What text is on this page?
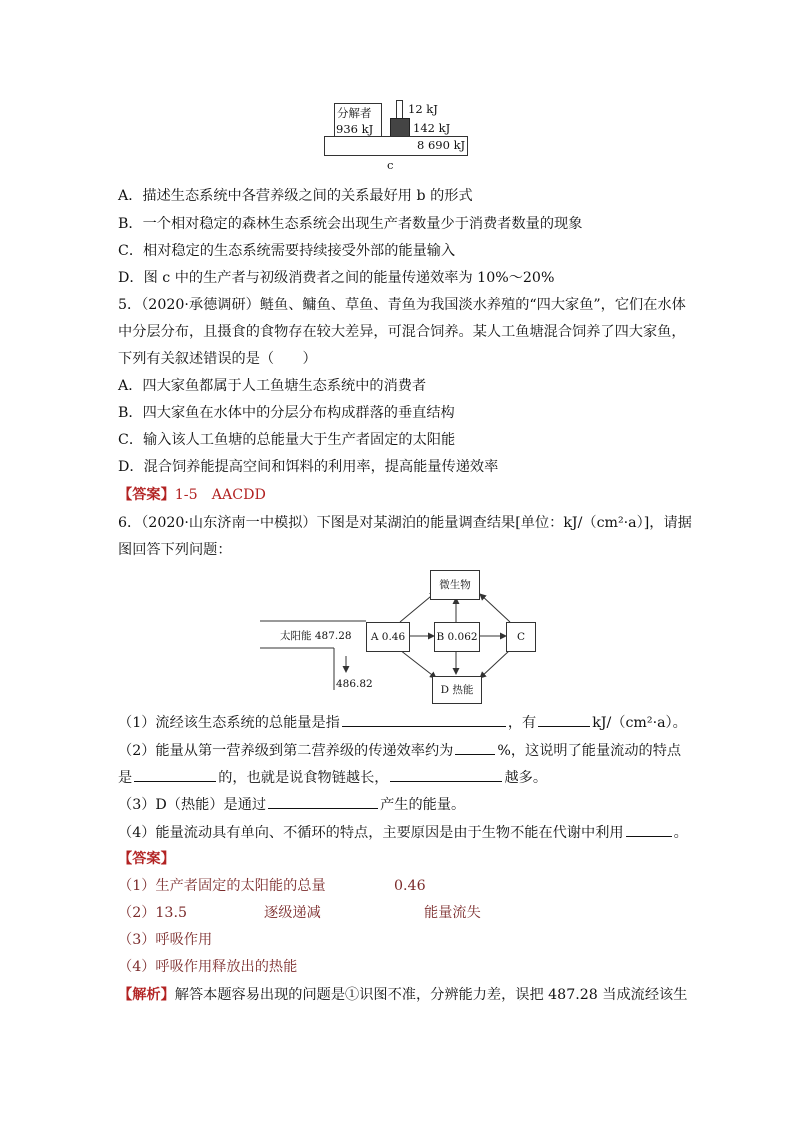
分解者
936 kJ
12 kJ
142 kJ
8 690 kJ
c
A．描述生态系统中各营养级之间的关系最好用 b 的形式
B．一个相对稳定的森林生态系统会出现生产者数量少于消费者数量的现象
C．相对稳定的生态系统需要持续接受外部的能量输入
D．图 c 中的生产者与初级消费者之间的能量传递效率为 10%～20%
5．（2020·承德调研）鲢鱼、鳙鱼、草鱼、青鱼为我国淡水养殖的“四大家鱼”，它们在水体
中分层分布，且摄食的食物存在较大差异，可混合饲养。某人工鱼塘混合饲养了四大家鱼，
下列有关叙述错误的是（　　）
A．四大家鱼都属于人工鱼塘生态系统中的消费者
B．四大家鱼在水体中的分层分布构成群落的垂直结构
C．输入该人工鱼塘的总能量大于生产者固定的太阳能
D．混合饲养能提高空间和饵料的利用率，提高能量传递效率
【答案】1-5　AACDD
6．（2020·山东济南一中模拟）下图是对某湖泊的能量调查结果[单位：kJ/（cm²·a）]，请据
图回答下列问题：
太阳能 487.28
486.82
A 0.46	B 0.062	C
微生物
D 热能
（1）流经该生态系统的总能量是指	，有	kJ/（cm²·a）。
（2）能量从第一营养级到第二营养级的传递效率约为	%，这说明了能量流动的特点
是	的，也就是说食物链越长，	越多。
（3）D（热能）是通过	产生的能量。
（4）能量流动具有单向、不循环的特点，主要原因是由于生物不能在代谢中利用	。
【答案】
（1）生产者固定的太阳能的总量	0.46
（2）13.5	逐级递减	能量流失
（3）呼吸作用
（4）呼吸作用释放出的热能
【解析】解答本题容易出现的问题是①识图不准，分辨能力差，误把 487.28 当成流经该生
